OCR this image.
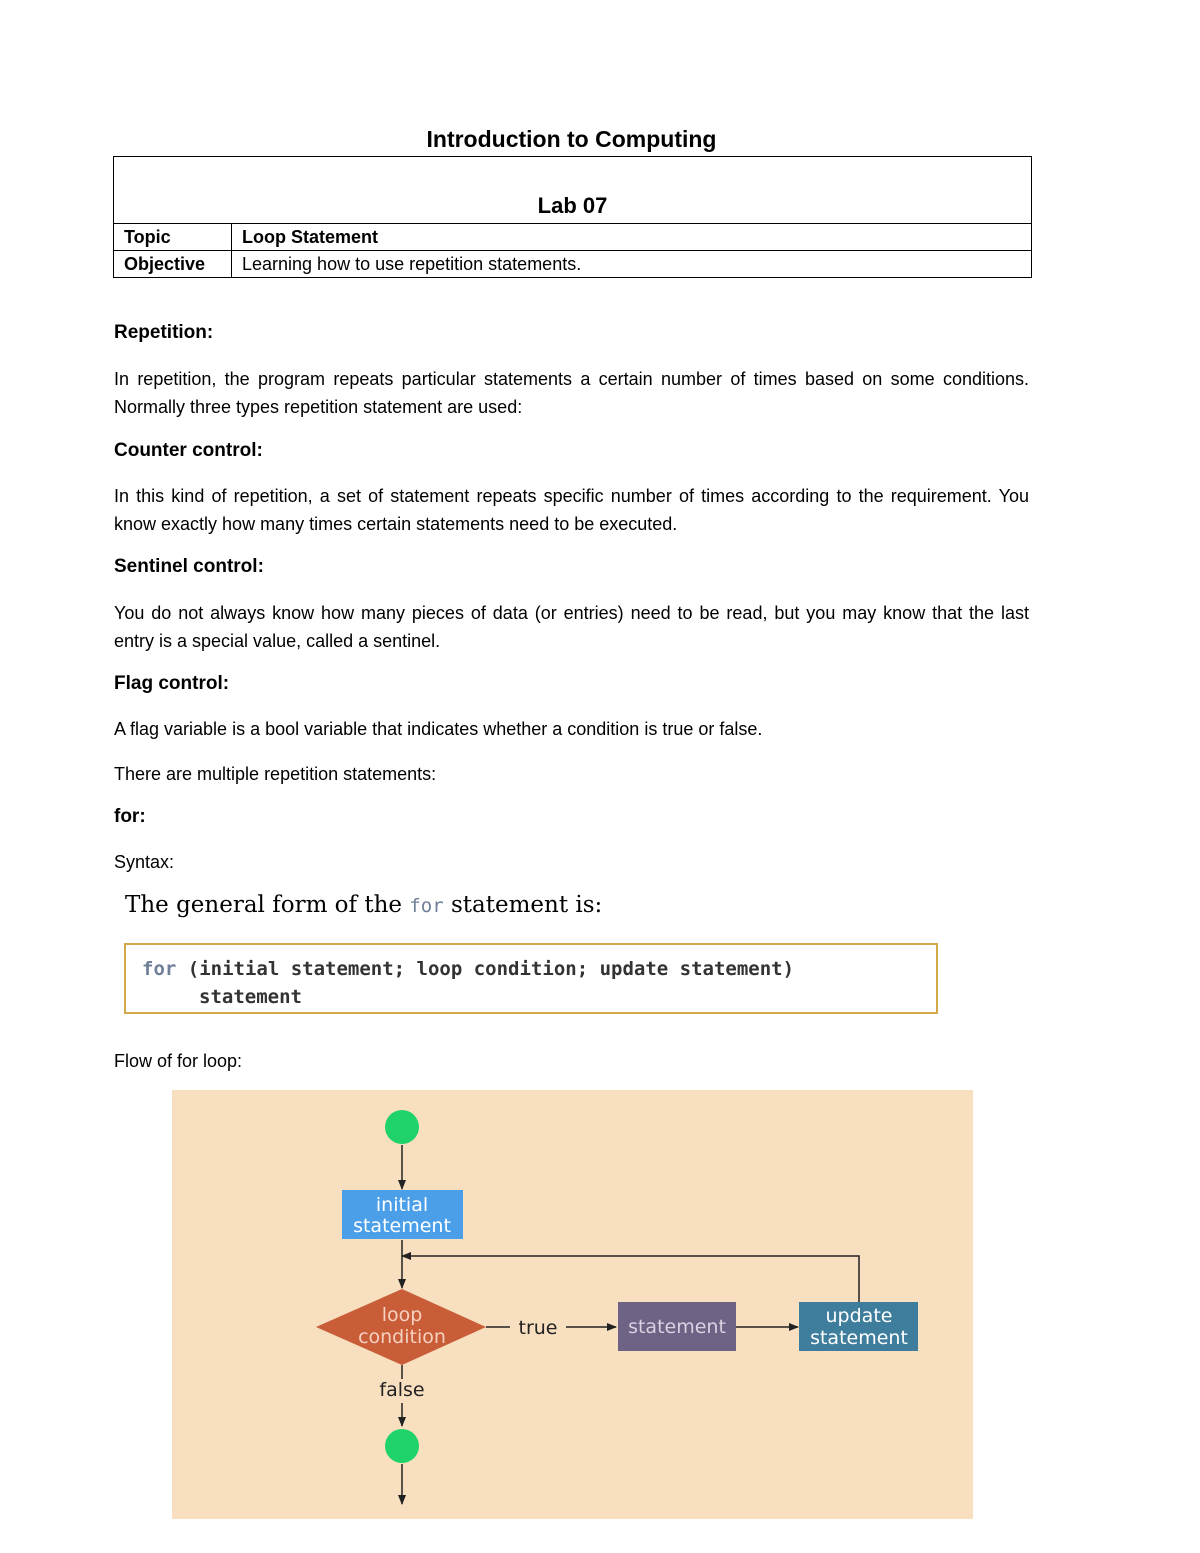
Introduction to Computing
Lab 07	
Topic	Loop Statement
Objective	Learning how to use repetition statements.
Repetition:
In repetition, the program repeats particular statements a certain number of times based on some conditions. Normally three types repetition statement are used:
Counter control:
In this kind of repetition, a set of statement repeats specific number of times according to the requirement. You know exactly how many times certain statements need to be executed.
Sentinel control:
You do not always know how many pieces of data (or entries) need to be read, but you may know that the last entry is a special value, called a sentinel.
Flag control:
A flag variable is a bool variable that indicates whether a condition is true or false.
There are multiple repetition statements:
for:
Syntax:
The general form of the for statement is:
for (initial statement; loop condition; update statement)
statement
Flow of for loop:
initial
statement
loop
condition	true	statement	update
statement
false
